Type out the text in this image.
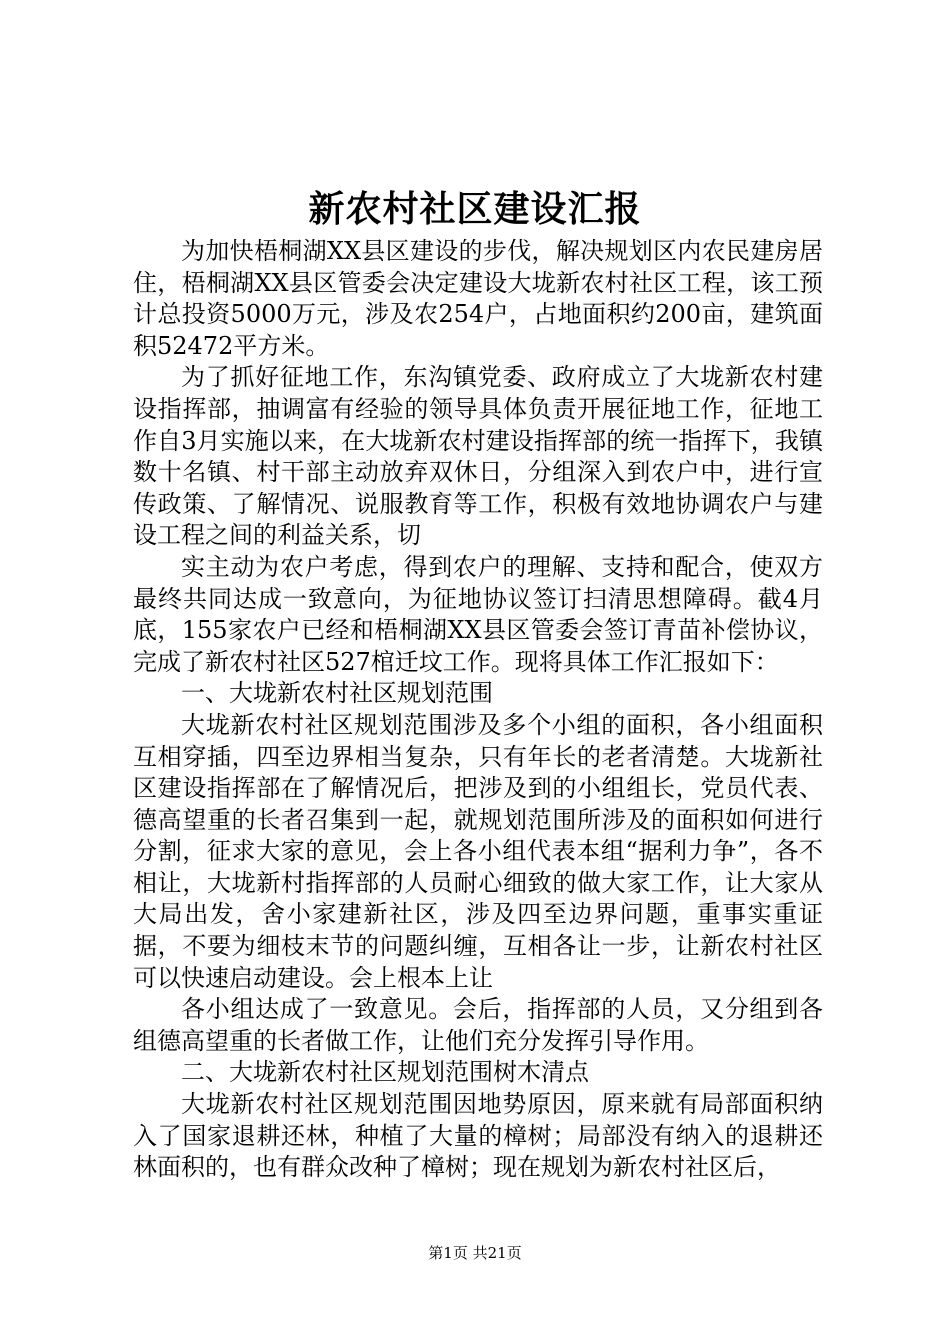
新农村社区建设汇报

为加快梧桐湖XX县区建设的步伐，解决规划区内农民建房居住，梧桐湖XX县区管委会决定建设大垅新农村社区工程，该工预计总投资5000万元，涉及农254户，占地面积约200亩，建筑面积52472平方米。

为了抓好征地工作，东沟镇党委、政府成立了大垅新农村建设指挥部，抽调富有经验的领导具体负责开展征地工作，征地工作自3月实施以来，在大垅新农村建设指挥部的统一指挥下，我镇数十名镇、村干部主动放弃双休日，分组深入到农户中，进行宣传政策、了解情况、说服教育等工作，积极有效地协调农户与建设工程之间的利益关系，切

实主动为农户考虑，得到农户的理解、支持和配合，使双方最终共同达成一致意向，为征地协议签订扫清思想障碍。截4月底，155家农户已经和梧桐湖XX县区管委会签订青苗补偿协议，完成了新农村社区527棺迁坟工作。现将具体工作汇报如下：

一、大垅新农村社区规划范围

大垅新农村社区规划范围涉及多个小组的面积，各小组面积互相穿插，四至边界相当复杂，只有年长的老者清楚。大垅新社区建设指挥部在了解情况后，把涉及到的小组组长，党员代表、德高望重的长者召集到一起，就规划范围所涉及的面积如何进行分割，征求大家的意见，会上各小组代表本组“据利力争”，各不相让，大垅新村指挥部的人员耐心细致的做大家工作，让大家从大局出发，舍小家建新社区，涉及四至边界问题，重事实重证据，不要为细枝末节的问题纠缠，互相各让一步，让新农村社区可以快速启动建设。会上根本上让

各小组达成了一致意见。会后，指挥部的人员，又分组到各组德高望重的长者做工作，让他们充分发挥引导作用。

二、大垅新农村社区规划范围树木清点

大垅新农村社区规划范围因地势原因，原来就有局部面积纳入了国家退耕还林，种植了大量的樟树；局部没有纳入的退耕还林面积的，也有群众改种了樟树；现在规划为新农村社区后，

第1页 共21页
